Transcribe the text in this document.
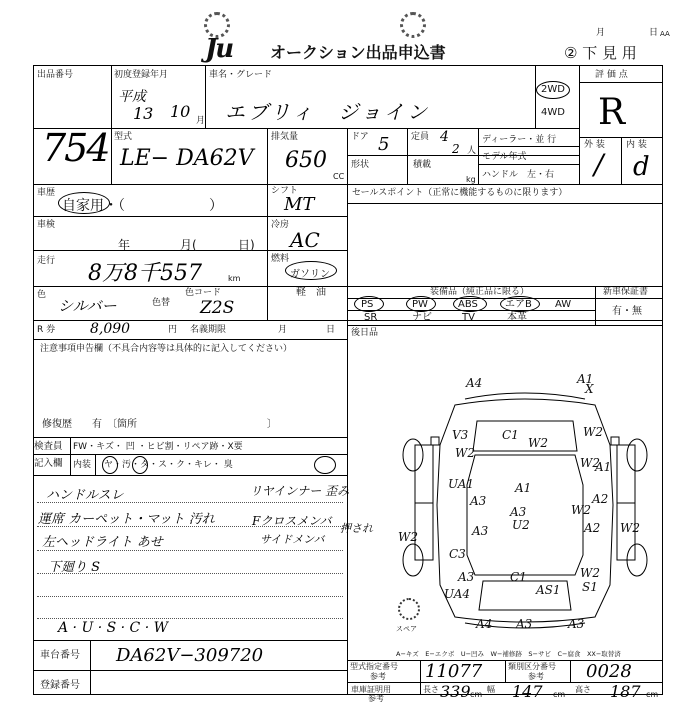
Ju オークション出品申込書
月	日 AA
② 下 見 用
出品番号
754
初度登録年月
平成
13 10 月
車名・グレード
エブリィ　ジョイン
2WD
4WD
評 価 点
R
型式
LE− DA62V
排気量
650
CC
ドア 5
形状
定員 4
2 人
積載
kg
ディーラー・並 行
モデル年式
ハンドル　左・右
外 装 内 装
/ d
車歴
自家用・（　　　　　　）
車検
年	月(	日)
走行 8万8千557	km
色
シルバー	色替
色コード
Z2S
R 券 8,090	円 名義期限	月	日
シフト
MT
冷房
AC
燃料
ガソリン
軽　油
セールスポイント（正常に機能するものに限ります）
装備品（純正品に限る）
PS	PW	ABS	エアB AW
SR	ナビ	TV	本革
新車保証書
有・無
後日品
注意事項申告欄（不具合内容等は具体的に記入してください）
修復歴　　有　〔箇所　　　　　　　　　　　　　〕
検査員 FW・キズ・ 凹 ・ヒビ割・リペア跡・X要
記入欄 内装 ヤ・汚・タ・ス・ク・キレ・ 臭
ハンドルスレ
運席 カーペット・マット 汚れ
左ヘッドライト あせ
下廻り S
リヤインナー 歪み
Fクロスメンバ
サイドメンバ
押され
A · U · S · C · W
車台番号 DA62V−309720
登録番号
A4	A1
X
V3
W2
C1
W2
W2
A1
W2
UA1	A1
A3
W2
A2
A3
U2
W2
A2 W2
C3
A3
C1	W2
S1
A3
UA4	AS1
A4 A3	A3
スペア
A−キズ　E−エクボ　U−凹み　W−補修跡　S−サビ　C−腐食　XX−取替済
型式指定番号
参考 11077	類別区分番号
参考 0028
車庫証明用
参考
長さ 339 cm
幅 147 cm
高さ 187 cm
